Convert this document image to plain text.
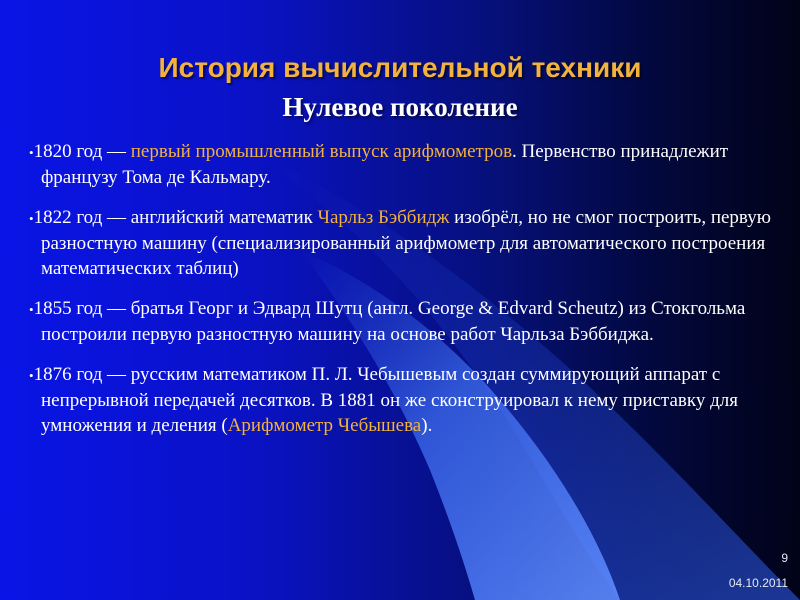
История вычислительной техники
Нулевое поколение
•1820 год — первый промышленный выпуск арифмометров. Первенство принадлежит французу Тома де Кальмару.
•1822 год — английский математик Чарльз Бэббидж изобрёл, но не смог построить, первую разностную машину (специализированный арифмометр для автоматического построения математических таблиц)
•1855 год — братья Георг и Эдвард Шутц (англ. George & Edvard Scheutz) из Стокгольма построили первую разностную машину на основе работ Чарльза Бэббиджа.
•1876 год — русским математиком П. Л. Чебышевым создан суммирующий аппарат с непрерывной передачей десятков. В 1881 он же сконструировал к нему приставку для умножения и деления (Арифмометр Чебышева).
9
04.10.2011
